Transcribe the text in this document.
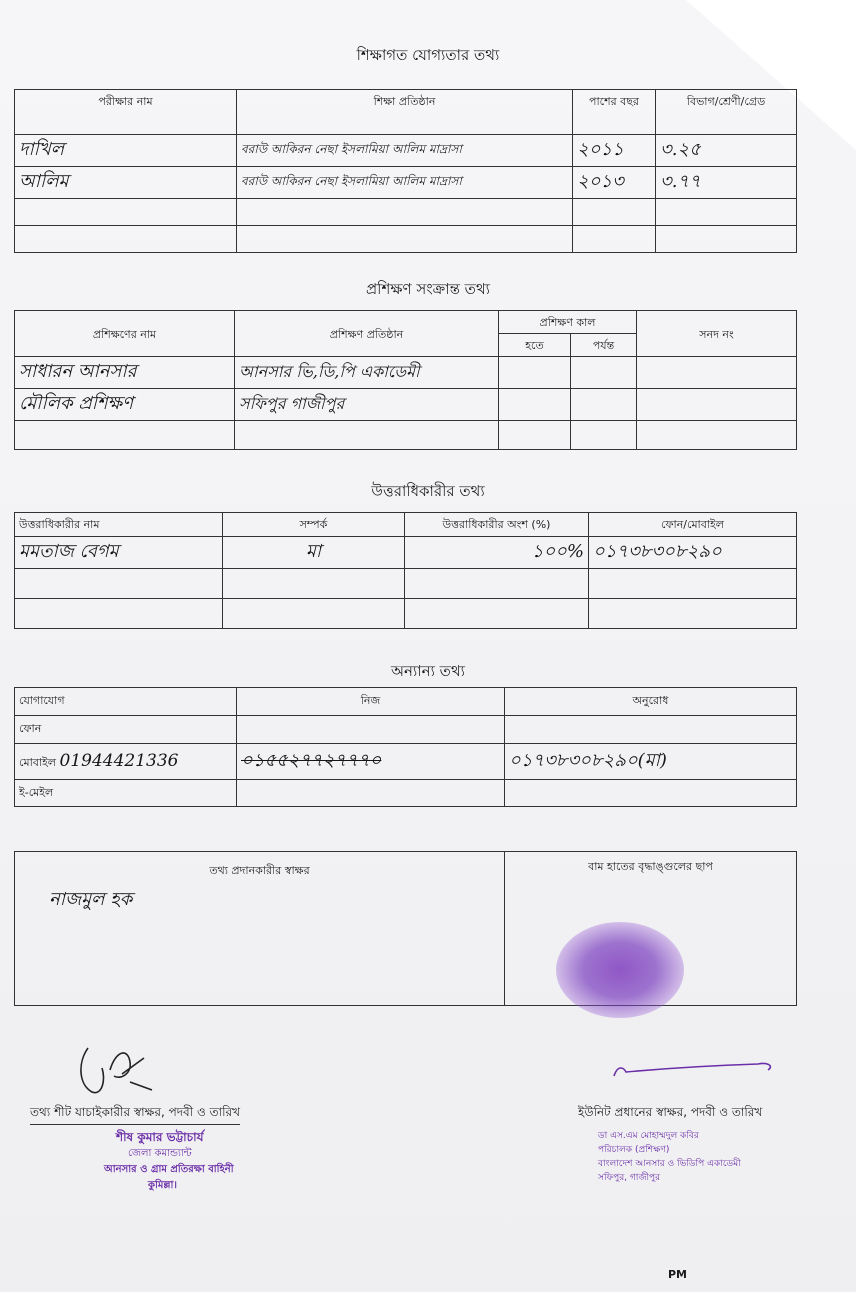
শিক্ষাগত যোগ্যতার তথ্য
পরীক্ষার নাম	শিক্ষা প্রতিষ্ঠান	পাশের বছর	বিভাগ/শ্রেণী/গ্রেড
দাখিল	বরাউ আকিরন নেছা ইসলামিয়া আলিম মাদ্রাসা	২০১১	৩.২৫
আলিম	বরাউ আকিরন নেছা ইসলামিয়া আলিম মাদ্রাসা	২০১৩	৩.৭৭

প্রশিক্ষণ সংক্রান্ত তথ্য
প্রশিক্ষণের নাম	প্রশিক্ষণ প্রতিষ্ঠান	প্রশিক্ষণ কাল		সনদ নং
		হতে	পর্যন্ত	
সাধারন আনসার	আনসার ভি,ডি,পি একাডেমী			
মৌলিক প্রশিক্ষণ	সফিপুর গাজীপুর			

উত্তরাধিকারীর তথ্য
উত্তরাধিকারীর নাম	সম্পর্ক	উত্তরাধিকারীর অংশ (%)	ফোন/মোবাইল
মমতাজ বেগম	মা	১০০%	০১৭৩৮৩০৮২৯০

অন্যান্য তথ্য
যোগাযোগ	নিজ	অনুরোধ
ফোন		
মোবাইল 01944421336	০১৫৫২৭৭২৭৭৭০	০১৭৩৮৩০৮২৯০(মা)
ই-মেইল		
তথ্য প্রদানকারীর স্বাক্ষর
নাজমুল হক

বাম হাতের বৃদ্ধাঙ্গুলের ছাপ
তথ্য শীট যাচাইকারীর স্বাক্ষর, পদবী ও তারিখ
শীষ কুমার ভট্টাচার্য
জেলা কমান্ড্যান্ট
আনসার ও গ্রাম প্রতিরক্ষা বাহিনী
কুমিল্লা।
ইউনিট প্রধানের স্বাক্ষর, পদবী ও তারিখ
ডা এস.এম মোহাম্মদুল কবির
পরিচালক (প্রশিক্ষণ)
বাংলাদেশ আনসার ও ভিডিপি একাডেমী
সফিপুর, গাজীপুর
PM
